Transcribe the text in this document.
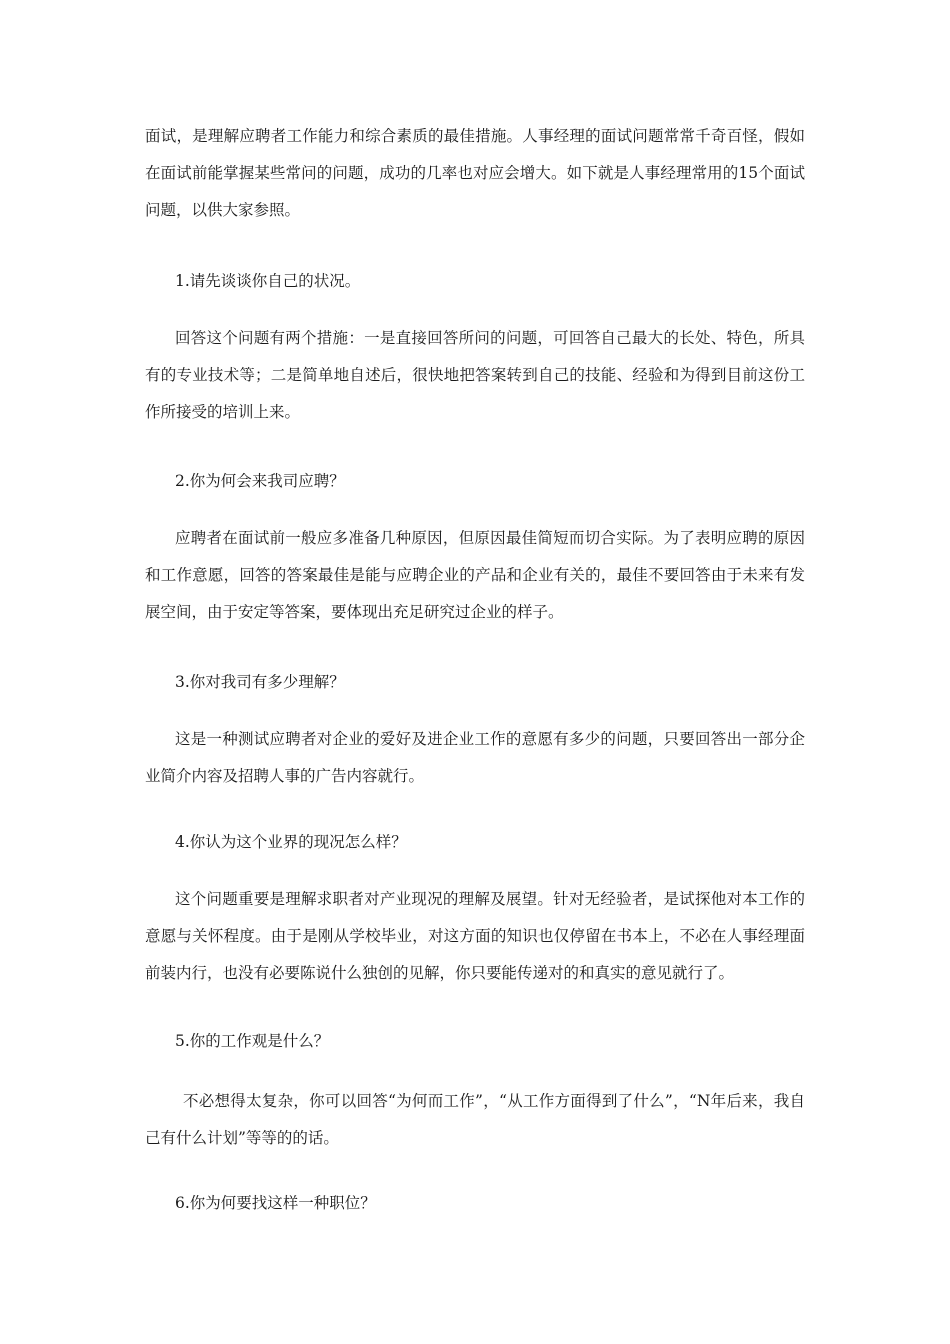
面试，是理解应聘者工作能力和综合素质的最佳措施。人事经理的面试问题常常千奇百怪，假如在面试前能掌握某些常问的问题，成功的几率也对应会增大。如下就是人事经理常用的15个面试问题，以供大家参照。

1.请先谈谈你自己的状况。

回答这个问题有两个措施：一是直接回答所问的问题，可回答自己最大的长处、特色，所具有的专业技术等；二是简单地自述后，很快地把答案转到自己的技能、经验和为得到目前这份工作所接受的培训上来。

2.你为何会来我司应聘？

应聘者在面试前一般应多准备几种原因，但原因最佳简短而切合实际。为了表明应聘的原因和工作意愿，回答的答案最佳是能与应聘企业的产品和企业有关的，最佳不要回答由于未来有发展空间，由于安定等答案，要体现出充足研究过企业的样子。

3.你对我司有多少理解？

这是一种测试应聘者对企业的爱好及进企业工作的意愿有多少的问题，只要回答出一部分企业简介内容及招聘人事的广告内容就行。

4.你认为这个业界的现况怎么样？

这个问题重要是理解求职者对产业现况的理解及展望。针对无经验者，是试探他对本工作的意愿与关怀程度。由于是刚从学校毕业，对这方面的知识也仅停留在书本上，不必在人事经理面前装内行，也没有必要陈说什么独创的见解，你只要能传递对的和真实的意见就行了。

5.你的工作观是什么？

不必想得太复杂，你可以回答“为何而工作”，“从工作方面得到了什么”，“N年后来，我自己有什么计划”等等的的话。

6.你为何要找这样一种职位？
